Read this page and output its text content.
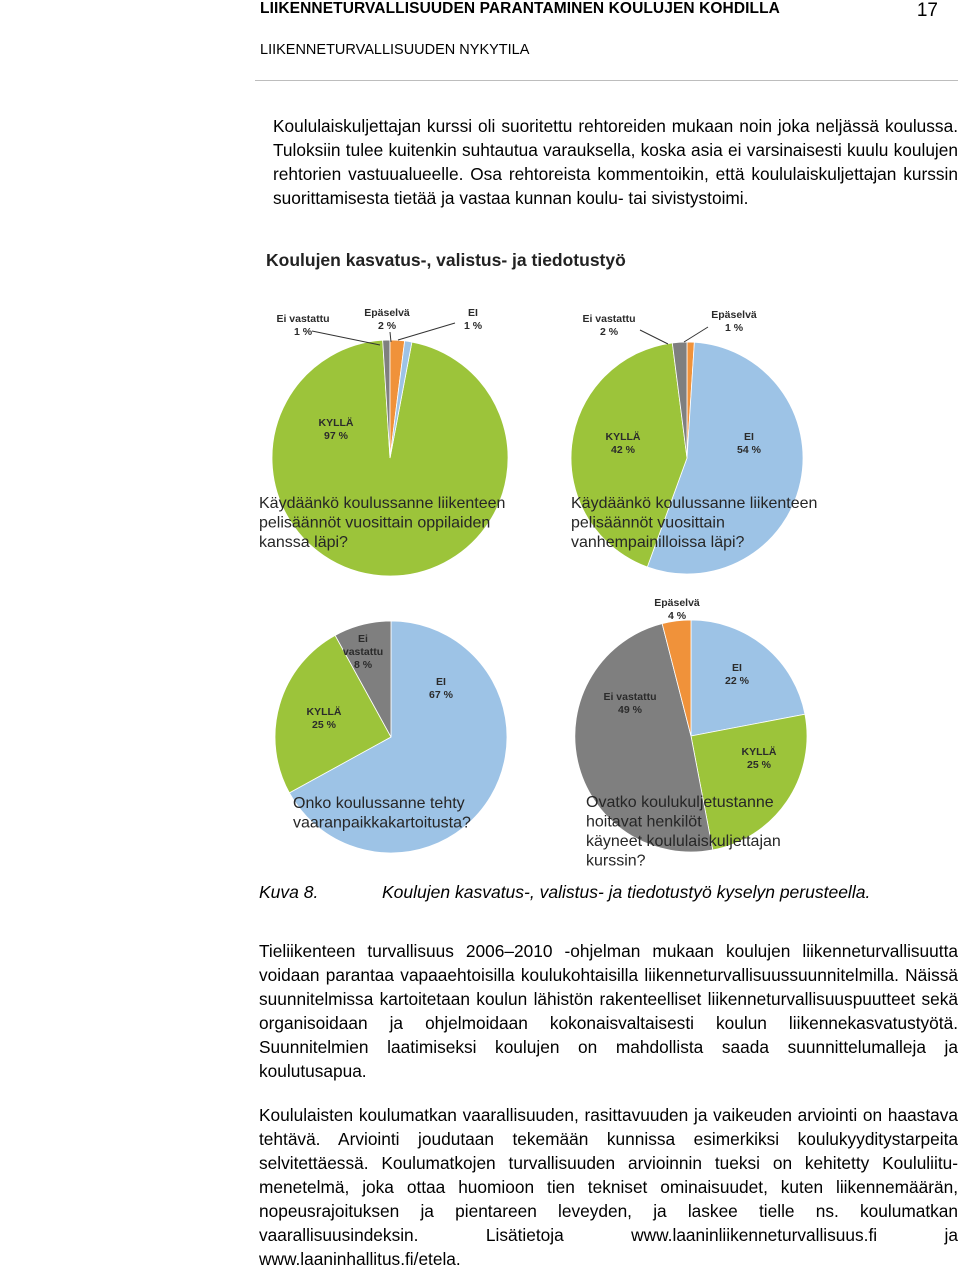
LIIKENNETURVALLISUUDEN PARANTAMINEN KOULUJEN KOHDILLA	17
LIIKENNETURVALLISUUDEN NYKYTILA
Koululaiskuljettajan kurssi oli suoritettu rehtoreiden mukaan noin joka neljässä koulussa. Tuloksiin tulee kuitenkin suhtautua varauksella, koska asia ei varsinaisesti kuulu koulujen rehtorien vastuualueelle. Osa rehtoreista kommentoikin, että koululaiskuljettajan kurssin suorittamisesta tietää ja vastaa kunnan koulu- tai sivistystoimi.
Koulujen kasvatus-, valistus- ja tiedotustyö
KYLLÄ 97 %
Ei vastattu 1 %
Epäselvä 2 %
EI 1 %
Käydäänkö koulussanne liikenteen pelisäännöt vuosittain oppilaiden kanssa läpi?
Epäselvä 1 %
EI 54 %
KYLLÄ 42 %
Ei vastattu 2 %
Käydäänkö koulussanne liikenteen pelisäännöt vuosittain vanhempainilloissa läpi?
EI 67 %
KYLLÄ 25 %
Ei vastattu 8 %
Onko koulussanne tehty vaaranpaikkakartoitusta?
EI 22 %
KYLLÄ 25 %
Ei vastattu 49 %
Epäselvä 4 %
Ovatko koulukuljetustanne hoitavat henkilöt käyneet koululaiskuljettajan kurssin?
Kuva 8.	Koulujen kasvatus-, valistus- ja tiedotustyö kyselyn perusteella.
Tieliikenteen turvallisuus 2006–2010 -ohjelman mukaan koulujen liikenneturvallisuutta voidaan parantaa vapaaehtoisilla koulukohtaisilla liikenneturvallisuussuunnitelmilla. Näissä suunnitelmissa kartoitetaan koulun lähistön rakenteelliset liikenneturvallisuuspuutteet sekä organisoidaan ja ohjelmoidaan kokonaisvaltaisesti koulun liikennekasvatustyötä. Suunnitelmien laatimiseksi koulujen on mahdollista saada suunnittelumalleja ja koulutusapua.
Koululaisten koulumatkan vaarallisuuden, rasittavuuden ja vaikeuden arviointi on haastava tehtävä. Arviointi joudutaan tekemään kunnissa esimerkiksi koulukyyditystarpeita selvitettäessä. Koulumatkojen turvallisuuden arvioinnin tueksi on kehitetty Koululiitu-menetelmä, joka ottaa huomioon tien tekniset ominaisuudet, kuten liikennemäärän, nopeusrajoituksen ja pientareen leveyden, ja laskee tielle ns. koulumatkan vaarallisuusindeksin. Lisätietoja www.laaninliikenneturvallisuus.fi ja www.laaninhallitus.fi/etela.
